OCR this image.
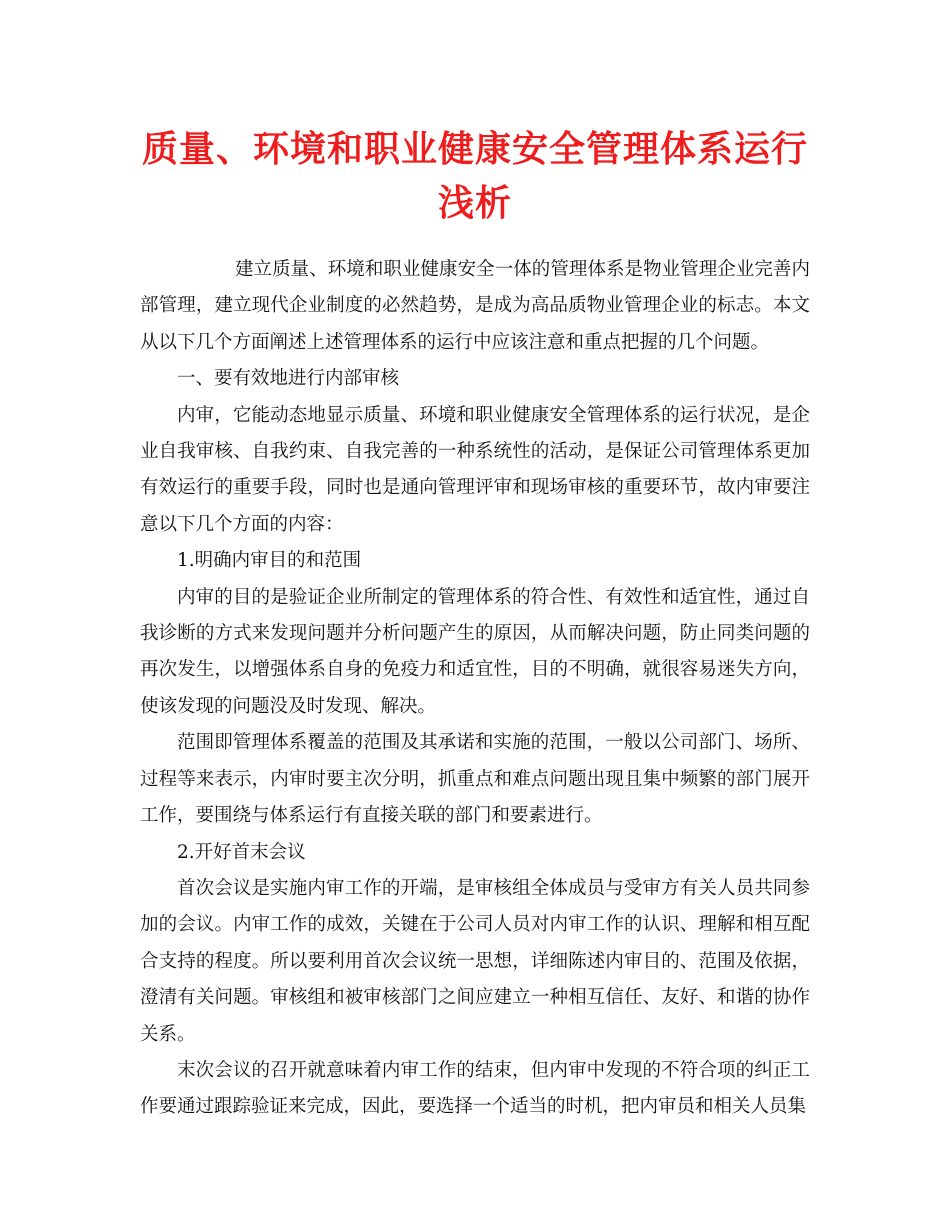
质量、环境和职业健康安全管理体系运行浅析

建立质量、环境和职业健康安全一体的管理体系是物业管理企业完善内部管理，建立现代企业制度的必然趋势，是成为高品质物业管理企业的标志。本文从以下几个方面阐述上述管理体系的运行中应该注意和重点把握的几个问题。

一、要有效地进行内部审核

内审，它能动态地显示质量、环境和职业健康安全管理体系的运行状况，是企业自我审核、自我约束、自我完善的一种系统性的活动，是保证公司管理体系更加有效运行的重要手段，同时也是通向管理评审和现场审核的重要环节，故内审要注意以下几个方面的内容：

1.明确内审目的和范围

内审的目的是验证企业所制定的管理体系的符合性、有效性和适宜性，通过自我诊断的方式来发现问题并分析问题产生的原因，从而解决问题，防止同类问题的再次发生，以增强体系自身的免疫力和适宜性，目的不明确，就很容易迷失方向，使该发现的问题没及时发现、解决。

范围即管理体系覆盖的范围及其承诺和实施的范围，一般以公司部门、场所、过程等来表示，内审时要主次分明，抓重点和难点问题出现且集中频繁的部门展开工作，要围绕与体系运行有直接关联的部门和要素进行。

2.开好首末会议

首次会议是实施内审工作的开端，是审核组全体成员与受审方有关人员共同参加的会议。内审工作的成效，关键在于公司人员对内审工作的认识、理解和相互配合支持的程度。所以要利用首次会议统一思想，详细陈述内审目的、范围及依据，澄清有关问题。审核组和被审核部门之间应建立一种相互信任、友好、和谐的协作关系。

末次会议的召开就意味着内审工作的结束，但内审中发现的不符合项的纠正工作要通过跟踪验证来完成，因此，要选择一个适当的时机，把内审员和相关人员集
